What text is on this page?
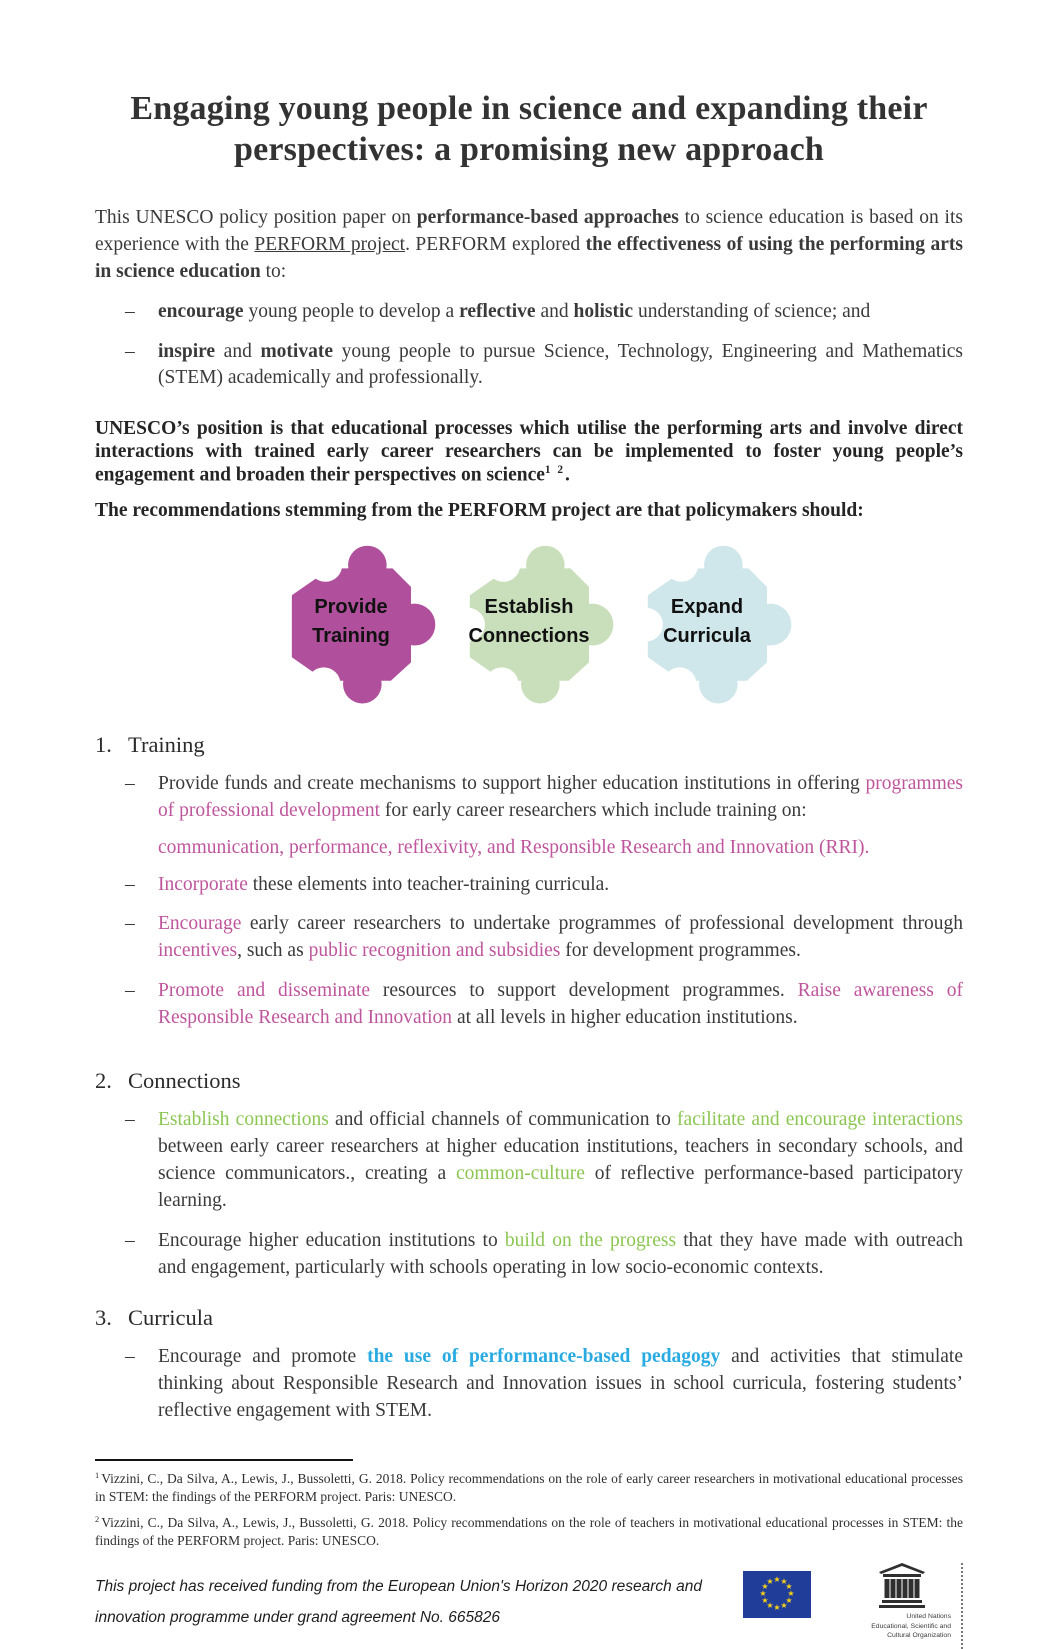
Engaging young people in science and expanding their perspectives: a promising new approach

This UNESCO policy position paper on performance-based approaches to science education is based on its experience with the PERFORM project. PERFORM explored the effectiveness of using the performing arts in science education to:

–
encourage young people to develop a reflective and holistic understanding of science; and
–
inspire and motivate young people to pursue Science, Technology, Engineering and Mathematics (STEM) academically and professionally.

UNESCO’s position is that educational processes which utilise the performing arts and involve direct interactions with trained early career researchers can be implemented to foster young people’s engagement and broaden their perspectives on science$^{1 2}$.

The recommendations stemming from the PERFORM project are that policymakers should:

Provide
Training
Establish
Connections
Expand
Curricula
1. Training
–
Provide funds and create mechanisms to support higher education institutions in offering programmes of professional development for early career researchers which include training on:

communication, performance, reflexivity, and Responsible Research and Innovation (RRI).

–
Incorporate these elements into teacher-training curricula.
–
Encourage early career researchers to undertake programmes of professional development through incentives, such as public recognition and subsidies for development programmes.
–
Promote and disseminate resources to support development programmes. Raise awareness of Responsible Research and Innovation at all levels in higher education institutions.
2. Connections
–
Establish connections and official channels of communication to facilitate and encourage interactions between early career researchers at higher education institutions, teachers in secondary schools, and science communicators., creating a common-culture of reflective performance-based participatory learning.
–
Encourage higher education institutions to build on the progress that they have made with outreach and engagement, particularly with schools operating in low socio-economic contexts.
3. Curricula
–
Encourage and promote the use of performance-based pedagogy and activities that stimulate thinking about Responsible Research and Innovation issues in school curricula, fostering students’ reflective engagement with STEM.

$^1$ Vizzini, C., Da Silva, A., Lewis, J., Bussoletti, G. 2018. Policy recommendations on the role of early career researchers in motivational educational processes in STEM: the findings of the PERFORM project. Paris: UNESCO.

$^2$ Vizzini, C., Da Silva, A., Lewis, J., Bussoletti, G. 2018. Policy recommendations on the role of teachers in motivational educational processes in STEM: the findings of the PERFORM project. Paris: UNESCO.

This project has received funding from the European Union's Horizon 2020 research and innovation programme under grand agreement No. 665826

★ ★
★
★
★
★
★
★
★
★
★
★
United Nations
Educational, Scientific and
Cultural Organization
